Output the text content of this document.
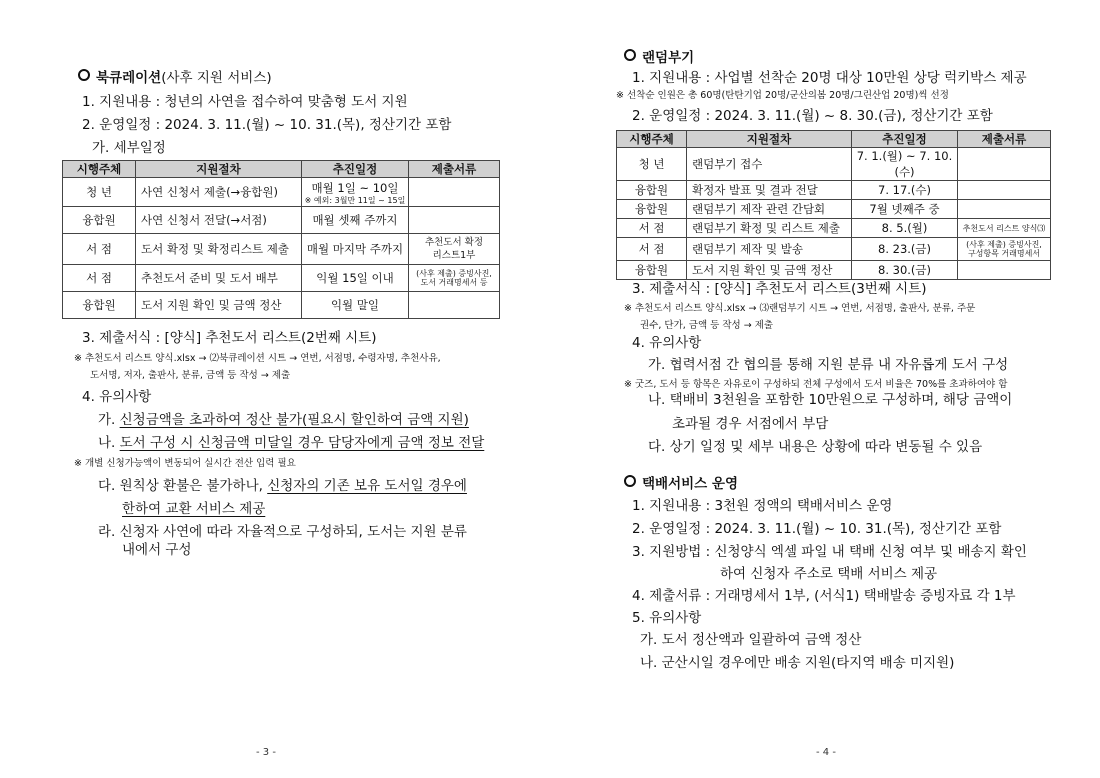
북큐레이션(사후 지원 서비스)
1. 지원내용 : 청년의 사연을 접수하여 맞춤형 도서 지원
2. 운영일정 : 2024. 3. 11.(월) ~ 10. 31.(목), 정산기간 포함
가. 세부일정
시행주체	지원절차	추진일정	제출서류
청 년	사연 신청서 제출(→융합원)	매월 1일 ~ 10일
※ 예외: 3월만 11일 ~ 15일	

융합원	사연 신청서 전달(→서점)	매월 셋째 주까지	
서 점	도서 확정 및 확정리스트 제출	매월 마지막 주까지	추천도서 확정
리스트1부

서 점	추천도서 준비 및 도서 배부	익월 15일 이내	(사후 제출) 증빙사진,
도서 거래명세서 등

융합원	도서 지원 확인 및 금액 정산	익월 말일	
3. 제출서식 : [양식] 추천도서 리스트(2번째 시트)
※ 추천도서 리스트 양식.xlsx → ⑵북큐레이션 시트 → 연번, 서점명, 수령자명, 추천사유,
도서명, 저자, 출판사, 분류, 금액 등 작성 → 제출
4. 유의사항
가. 신청금액을 초과하여 정산 불가(필요시 할인하여 금액 지원)
나. 도서 구성 시 신청금액 미달일 경우 담당자에게 금액 정보 전달
※ 개별 신청가능액이 변동되어 실시간 전산 입력 필요
다. 원칙상 환불은 불가하나, 신청자의 기존 보유 도서일 경우에
한하여 교환 서비스 제공
라. 신청자 사연에 따라 자율적으로 구성하되, 도서는 지원 분류
내에서 구성
- 3 -
랜덤부기
1. 지원내용 : 사업별 선착순 20명 대상 10만원 상당 럭키박스 제공
※ 선착순 인원은 총 60명(탄탄기업 20명/군산의봄 20명/그린산업 20명)씩 선정
2. 운영일정 : 2024. 3. 11.(월) ~ 8. 30.(금), 정산기간 포함
시행주체	지원절차	추진일정	제출서류
청 년	랜덤부기 접수	7. 1.(월) ~ 7. 10.(수)	
융합원	확정자 발표 및 결과 전달	7. 17.(수)	
융합원	랜덤부기 제작 관련 간담회	7월 넷째주 중	
서 점	랜덤부기 확정 및 리스트 제출	8. 5.(월)	추천도서 리스트 양식⑶

서 점	랜덤부기 제작 및 발송	8. 23.(금)	(사후 제출) 증빙사진,
구성항목 거래명세서

융합원	도서 지원 확인 및 금액 정산	8. 30.(금)	
3. 제출서식 : [양식] 추천도서 리스트(3번째 시트)
※ 추천도서 리스트 양식.xlsx → ⑶랜덤부기 시트 → 연번, 서점명, 출판사, 분류, 주문
권수, 단가, 금액 등 작성 → 제출
4. 유의사항
가. 협력서점 간 협의를 통해 지원 분류 내 자유롭게 도서 구성
※ 굿즈, 도서 등 항목은 자유로이 구성하되 전체 구성에서 도서 비율은 70%를 초과하여야 함
나. 택배비 3천원을 포함한 10만원으로 구성하며, 해당 금액이
초과될 경우 서점에서 부담
다. 상기 일정 및 세부 내용은 상황에 따라 변동될 수 있음
택배서비스 운영
1. 지원내용 : 3천원 정액의 택배서비스 운영
2. 운영일정 : 2024. 3. 11.(월) ~ 10. 31.(목), 정산기간 포함
3. 지원방법 : 신청양식 엑셀 파일 내 택배 신청 여부 및 배송지 확인
하여 신청자 주소로 택배 서비스 제공
4. 제출서류 : 거래명세서 1부, (서식1) 택배발송 증빙자료 각 1부
5. 유의사항
가. 도서 정산액과 일괄하여 금액 정산
나. 군산시일 경우에만 배송 지원(타지역 배송 미지원)
- 4 -
